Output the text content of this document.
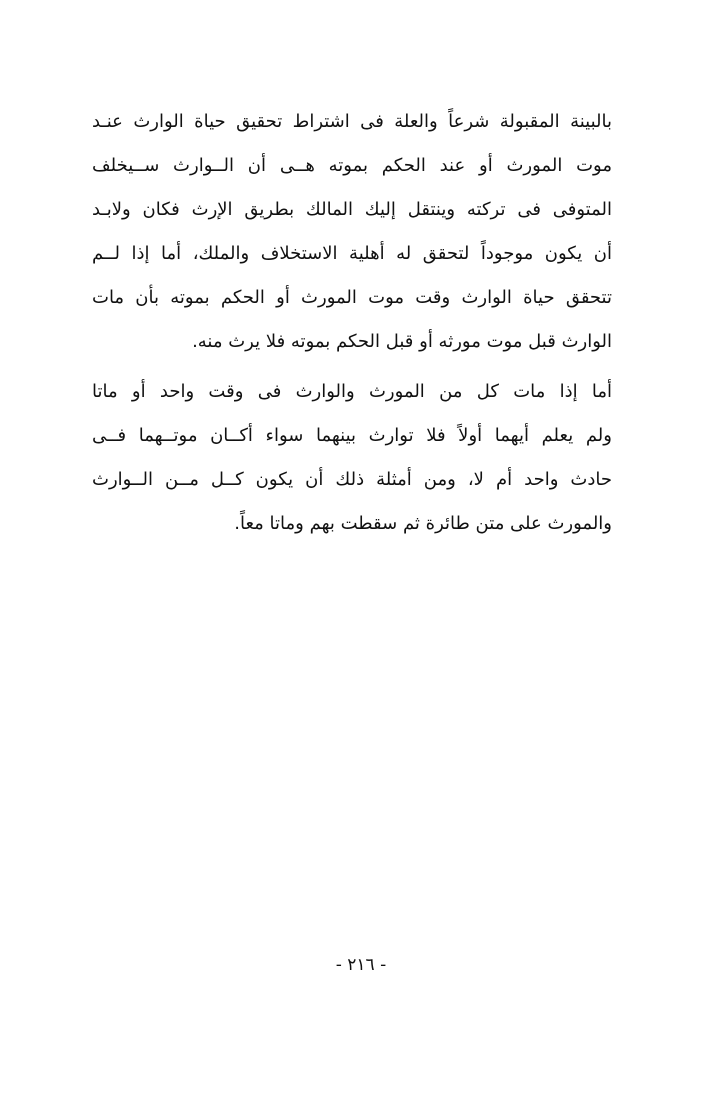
بالبينة المقبولة شرعاً والعلة فى اشتراط تحقيق حياة الوارث عنـد
موت المورث أو عند الحكم بموته هــى أن الــوارث ســيخلف
المتوفى فى تركته وينتقل إليك المالك بطريق الإرث فكان ولابـد
أن يكون موجوداً لتحقق له أهلية الاستخلاف والملك، أما إذا لــم
تتحقق حياة الوارث وقت موت المورث أو الحكم بموته بأن مات
الوارث قبل موت مورثه أو قبل الحكم بموته فلا يرث منه.
أما إذا مات كل من المورث والوارث فى وقت واحد أو ماتا
ولم يعلم أيهما أولاً فلا توارث بينهما سواء أكــان موتــهما فــى
حادث واحد أم لا، ومن أمثلة ذلك أن يكون كــل مــن الــوارث
والمورث على متن طائرة ثم سقطت بهم وماتا معاً.
- ٢١٦ -
